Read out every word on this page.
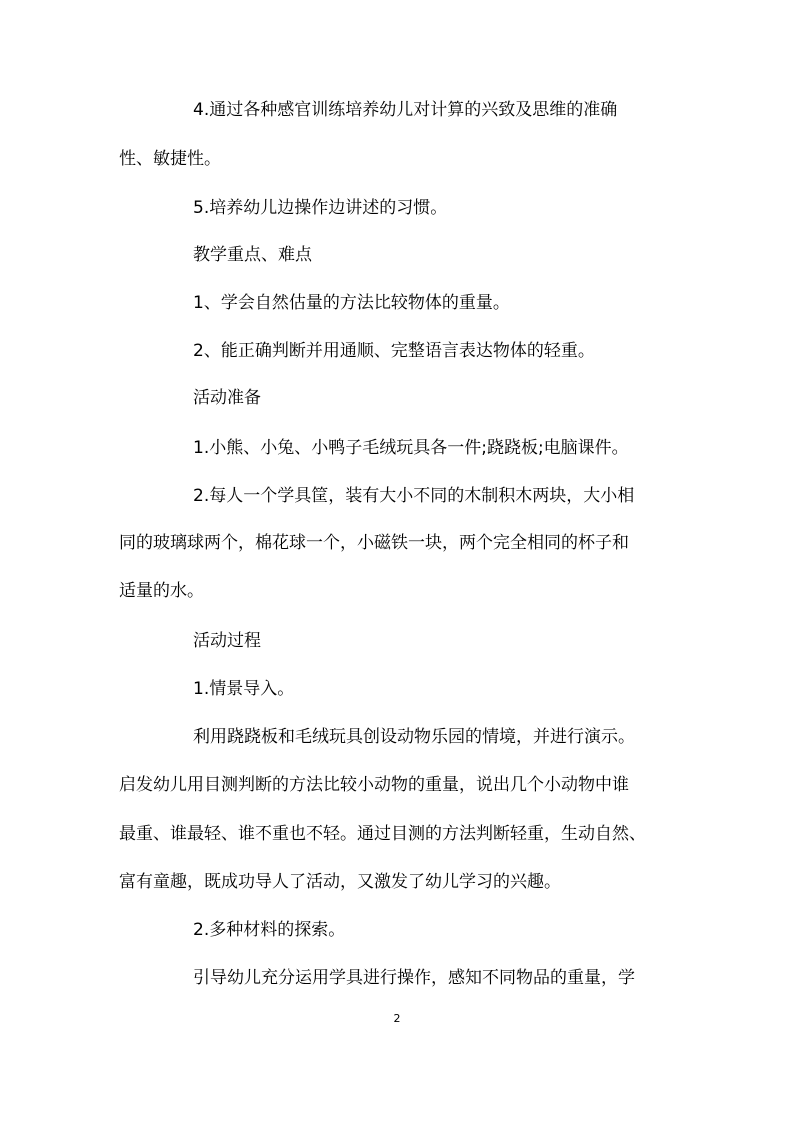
4.通过各种感官训练培养幼儿对计算的兴致及思维的准确
性、敏捷性。
5.培养幼儿边操作边讲述的习惯。
教学重点、难点
1、学会自然估量的方法比较物体的重量。
2、能正确判断并用通顺、完整语言表达物体的轻重。
活动准备
1.小熊、小兔、小鸭子毛绒玩具各一件;跷跷板;电脑课件。
2.每人一个学具筐，装有大小不同的木制积木两块，大小相
同的玻璃球两个，棉花球一个，小磁铁一块，两个完全相同的杯子和
适量的水。
活动过程
1.情景导入。
利用跷跷板和毛绒玩具创设动物乐园的情境，并进行演示。
启发幼儿用目测判断的方法比较小动物的重量，说出几个小动物中谁
最重、谁最轻、谁不重也不轻。通过目测的方法判断轻重，生动自然、
富有童趣，既成功导人了活动，又激发了幼儿学习的兴趣。
2.多种材料的探索。
引导幼儿充分运用学具进行操作，感知不同物品的重量，学
2
